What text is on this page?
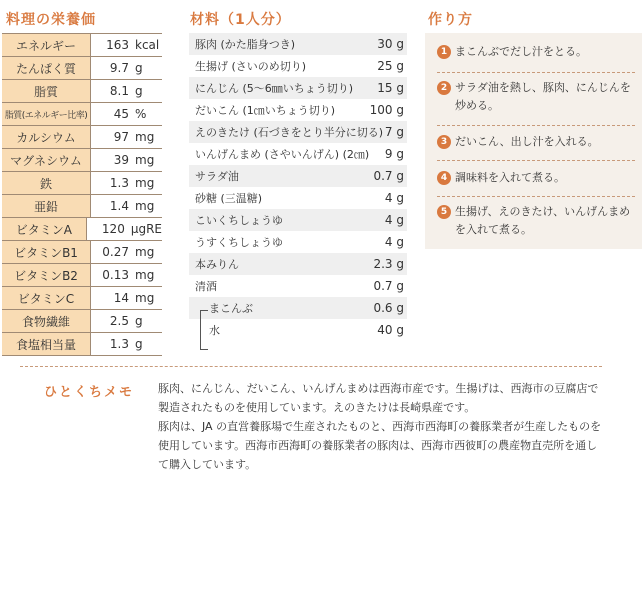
料理の栄養価
エネルギー	163 kcal
たんぱく質	9.7 g
脂質	8.1 g
脂質(エネルギー比率)	45 %
カルシウム	97 mg
マグネシウム	39 mg
鉄	1.3 mg
亜鉛	1.4 mg
ビタミンA	120 μgRE
ビタミンB1	0.27 mg
ビタミンB2	0.13 mg
ビタミンC	14 mg
食物繊維	2.5 g
食塩相当量	1.3 g
材料（1人分）
豚肉 (かた脂身つき)	30 g
生揚げ (さいのめ切り)	25 g
にんじん (5～6㎜いちょう切り) 15 g
だいこん (1㎝いちょう切り)	100 g
えのきたけ (石づきをとり半分に切る) 7 g
いんげんまめ (さやいんげん) (2㎝) 9 g
サラダ油	0.7 g
砂糖 (三温糖)	4 g
こいくちしょうゆ	4 g
うすくちしょうゆ	4 g
本みりん	2.3 g
清酒	0.7 g
まこんぶ	0.6 g
水	40 g
作り方
1 まこんぶでだし汁をとる。
2 サラダ油を熱し、豚肉、にんじんを炒める。
3 だいこん、出し汁を入れる。
4 調味料を入れて煮る。
5 生揚げ、えのきたけ、いんげんまめを入れて煮る。
ひとくちメモ 豚肉、にんじん、だいこん、いんげんまめは西海市産です。生揚げは、西海市の豆腐店で製造されたものを使用しています。えのきたけは長崎県産です。

豚肉は、JA の直営養豚場で生産されたものと、西海市西海町の養豚業者が生産したものを使用しています。西海市西海町の養豚業者の豚肉は、西海市西彼町の農産物直売所を通して購入しています。
